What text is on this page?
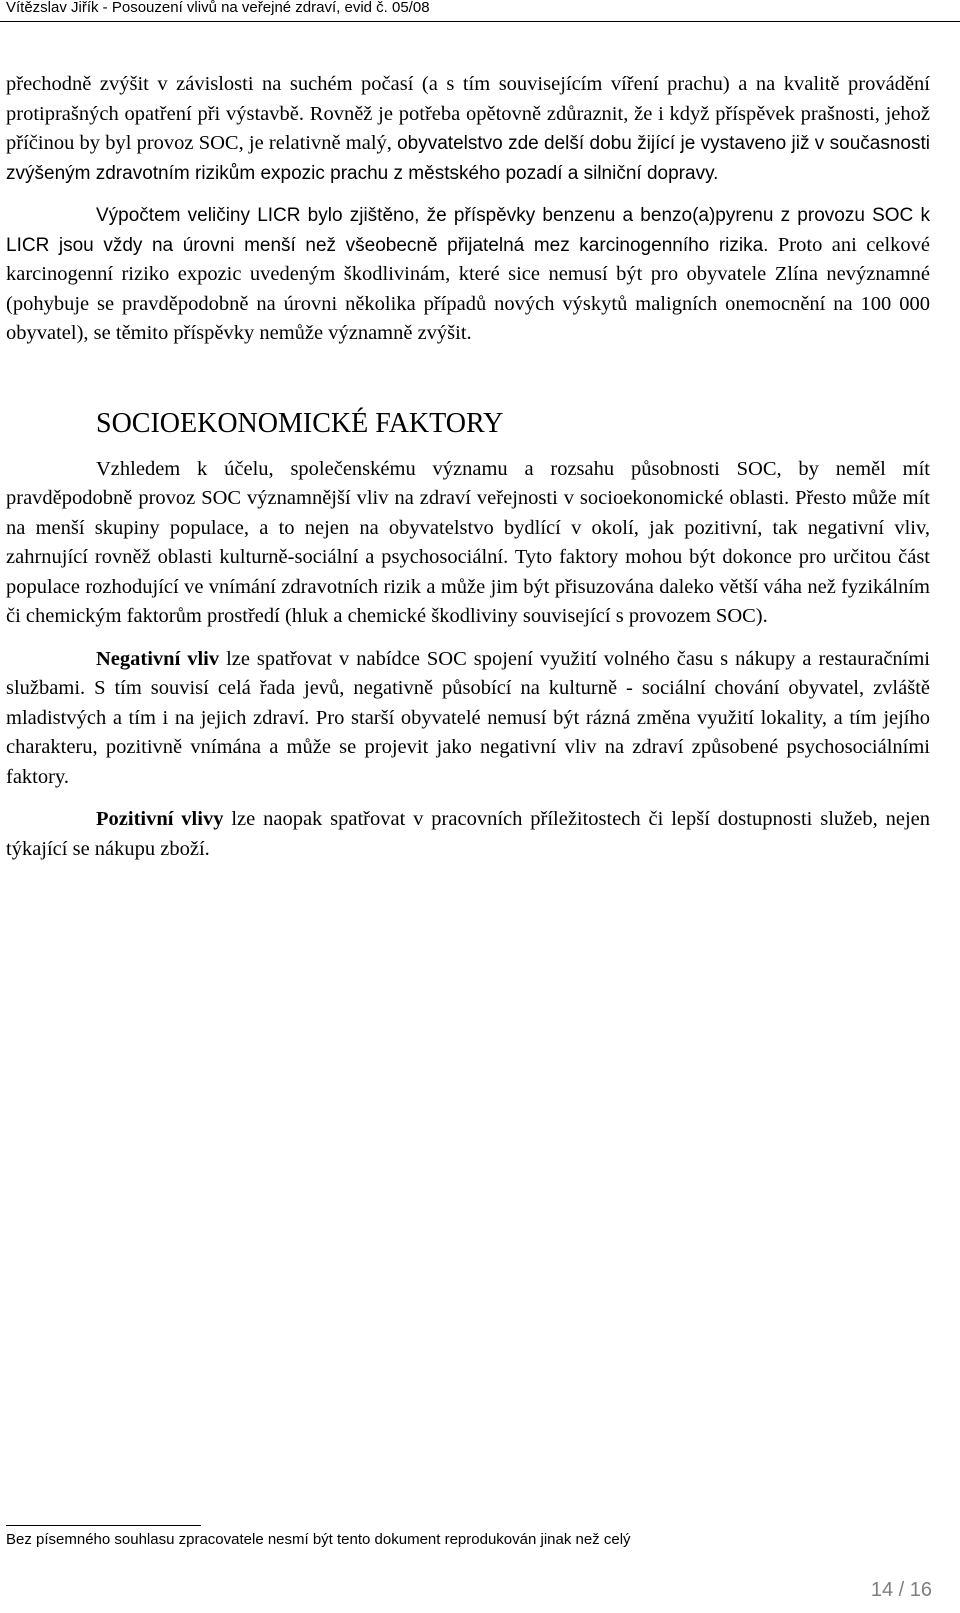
Vítězslav Jiřík - Posouzení vlivů na veřejné zdraví, evid č. 05/08

přechodně zvýšit v závislosti na suchém počasí (a s tím souvisejícím víření prachu) a na kvalitě provádění protiprašných opatření při výstavbě. Rovněž je potřeba opětovně zdůraznit, že i když příspěvek prašnosti, jehož příčinou by byl provoz SOC, je relativně malý, obyvatelstvo zde delší dobu žijící je vystaveno již v současnosti zvýšeným zdravotním rizikům expozic prachu z městského pozadí a silniční dopravy.

Výpočtem veličiny LICR bylo zjištěno, že příspěvky benzenu a benzo(a)pyrenu z provozu SOC k LICR jsou vždy na úrovni menší než všeobecně přijatelná mez karcinogenního rizika. Proto ani celkové karcinogenní riziko expozic uvedeným škodlivinám, které sice nemusí být pro obyvatele Zlína nevýznamné (pohybuje se pravděpodobně na úrovni několika případů nových výskytů maligních onemocnění na 100 000 obyvatel), se těmito příspěvky nemůže významně zvýšit.

SOCIOEKONOMICKÉ FAKTORY

Vzhledem k účelu, společenskému významu a rozsahu působnosti SOC, by neměl mít pravděpodobně provoz SOC významnější vliv na zdraví veřejnosti v socioekonomické oblasti. Přesto může mít na menší skupiny populace, a to nejen na obyvatelstvo bydlící v okolí, jak pozitivní, tak negativní vliv, zahrnující rovněž oblasti kulturně-sociální a psychosociální. Tyto faktory mohou být dokonce pro určitou část populace rozhodující ve vnímání zdravotních rizik a může jim být přisuzována daleko větší váha než fyzikálním či chemickým faktorům prostředí (hluk a chemické škodliviny související s provozem SOC).

Negativní vliv lze spatřovat v nabídce SOC spojení využití volného času s nákupy a restauračními službami. S tím souvisí celá řada jevů, negativně působící na kulturně - sociální chování obyvatel, zvláště mladistvých a tím i na jejich zdraví. Pro starší obyvatelé nemusí být rázná změna využití lokality, a tím jejího charakteru, pozitivně vnímána a může se projevit jako negativní vliv na zdraví způsobené psychosociálními faktory.

Pozitivní vlivy lze naopak spatřovat v pracovních příležitostech či lepší dostupnosti služeb, nejen týkající se nákupu zboží.

Bez písemného souhlasu zpracovatele nesmí být tento dokument reprodukován jinak než celý
14 / 16
